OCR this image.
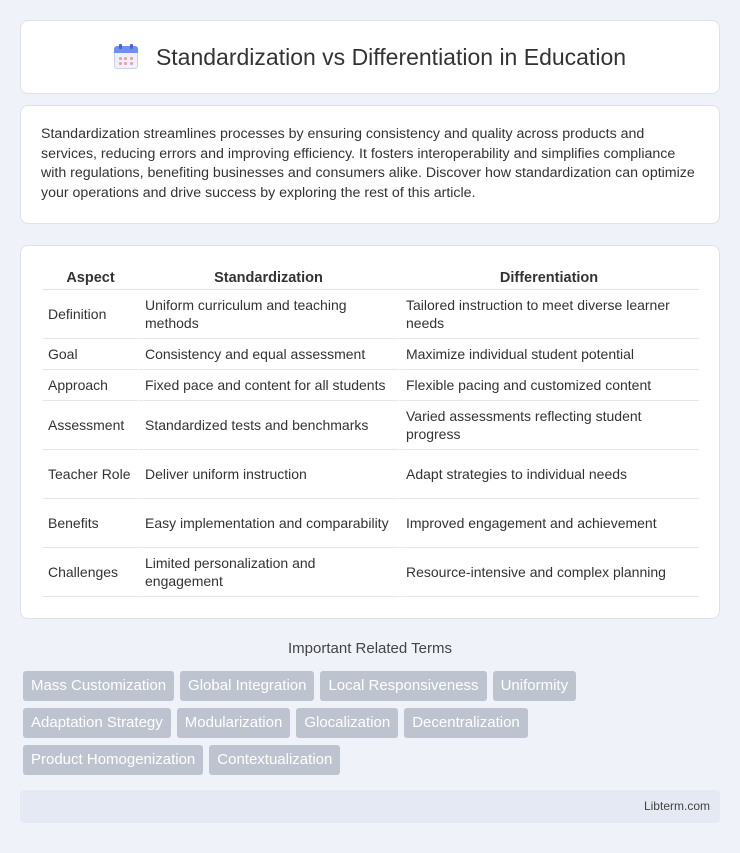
Standardization vs Differentiation in Education

Standardization streamlines processes by ensuring consistency and quality across products and services, reducing errors and improving efficiency. It fosters interoperability and simplifies compliance with regulations, benefiting businesses and consumers alike. Discover how standardization can optimize your operations and drive success by exploring the rest of this article.

Aspect	Standardization	Differentiation
Definition	Uniform curriculum and teaching methods	Tailored instruction to meet diverse learner needs
Goal	Consistency and equal assessment	Maximize individual student potential
Approach	Fixed pace and content for all students	Flexible pacing and customized content
Assessment	Standardized tests and benchmarks	Varied assessments reflecting student progress
Teacher Role	Deliver uniform instruction	Adapt strategies to individual needs
Benefits	Easy implementation and comparability	Improved engagement and achievement
Challenges	Limited personalization and engagement	Resource-intensive and complex planning
Important Related Terms
Mass Customization	Global Integration	Local Responsiveness	Uniformity
Adaptation Strategy	Modularization	Glocalization	Decentralization
Product Homogenization	Contextualization
Libterm.com
